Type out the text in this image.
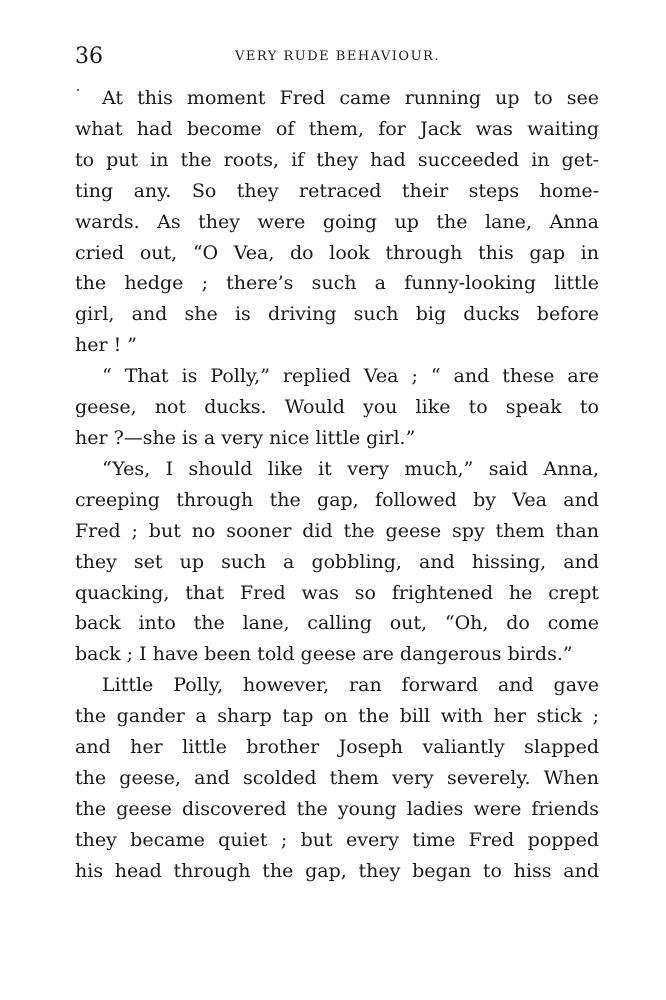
36	VERY RUDE BEHAVIOUR.
At this moment Fred came running up to see
what had become of them, for Jack was waiting
to put in the roots, if they had succeeded in get-
ting any. So they retraced their steps home-
wards. As they were going up the lane, Anna
cried out, “O Vea, do look through this gap in
the hedge ; there’s such a funny-looking little
girl, and she is driving such big ducks before
her ! ”
“ That is Polly,” replied Vea ; “ and these are
geese, not ducks. Would you like to speak to
her ?—she is a very nice little girl.”
“Yes, I should like it very much,” said Anna,
creeping through the gap, followed by Vea and
Fred ; but no sooner did the geese spy them than
they set up such a gobbling, and hissing, and
quacking, that Fred was so frightened he crept
back into the lane, calling out, “Oh, do come
back ; I have been told geese are dangerous birds.”
Little Polly, however, ran forward and gave
the gander a sharp tap on the bill with her stick ;
and her little brother Joseph valiantly slapped
the geese, and scolded them very severely. When
the geese discovered the young ladies were friends
they became quiet ; but every time Fred popped
his head through the gap, they began to hiss and
